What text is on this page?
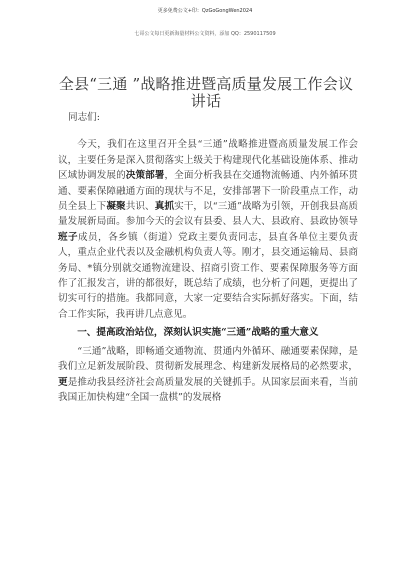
更多免费公文+印：QzGoGongWen2024
七哥公文每日更新海量材料公文资料，添加 QQ：2590117509
全县“三通 ”战略推进暨高质量发展工作会议
讲话

同志们:

今天，我们在这里召开全县“三通”战略推进暨高质量发展工作会议，主要任务是深入贯彻落实上级关于构建现代化基础设施体系、推动区域协调发展的决策部署，全面分析我县在交通物流畅通、内外循环贯通、要素保障融通方面的现状与不足，安排部署下一阶段重点工作，动员全县上下凝聚共识、真抓实干，以“三通”战略为引领，开创我县高质量发展新局面。参加今天的会议有县委、县人大、县政府、县政协领导班子成员，各乡镇（街道）党政主要负责同志，县直各单位主要负责人，重点企业代表以及金融机构负责人等。刚才，县交通运输局、县商务局、*镇分别就交通物流建设、招商引资工作、要素保障服务等方面作了汇报发言，讲的都很好，既总结了成绩，也分析了问题，更提出了切实可行的措施。我都同意，大家一定要结合实际抓好落实。下面，结合工作实际，我再讲几点意见。

一、提高政治站位，深刻认识实施“三通”战略的重大意义

“三通”战略，即畅通交通物流、贯通内外循环、融通要素保障，是我们立足新发展阶段、贯彻新发展理念、构建新发展格局的必然要求，更是推动我县经济社会高质量发展的关键抓手。从国家层面来看，当前我国正加快构建“全国一盘棋”的发展格
